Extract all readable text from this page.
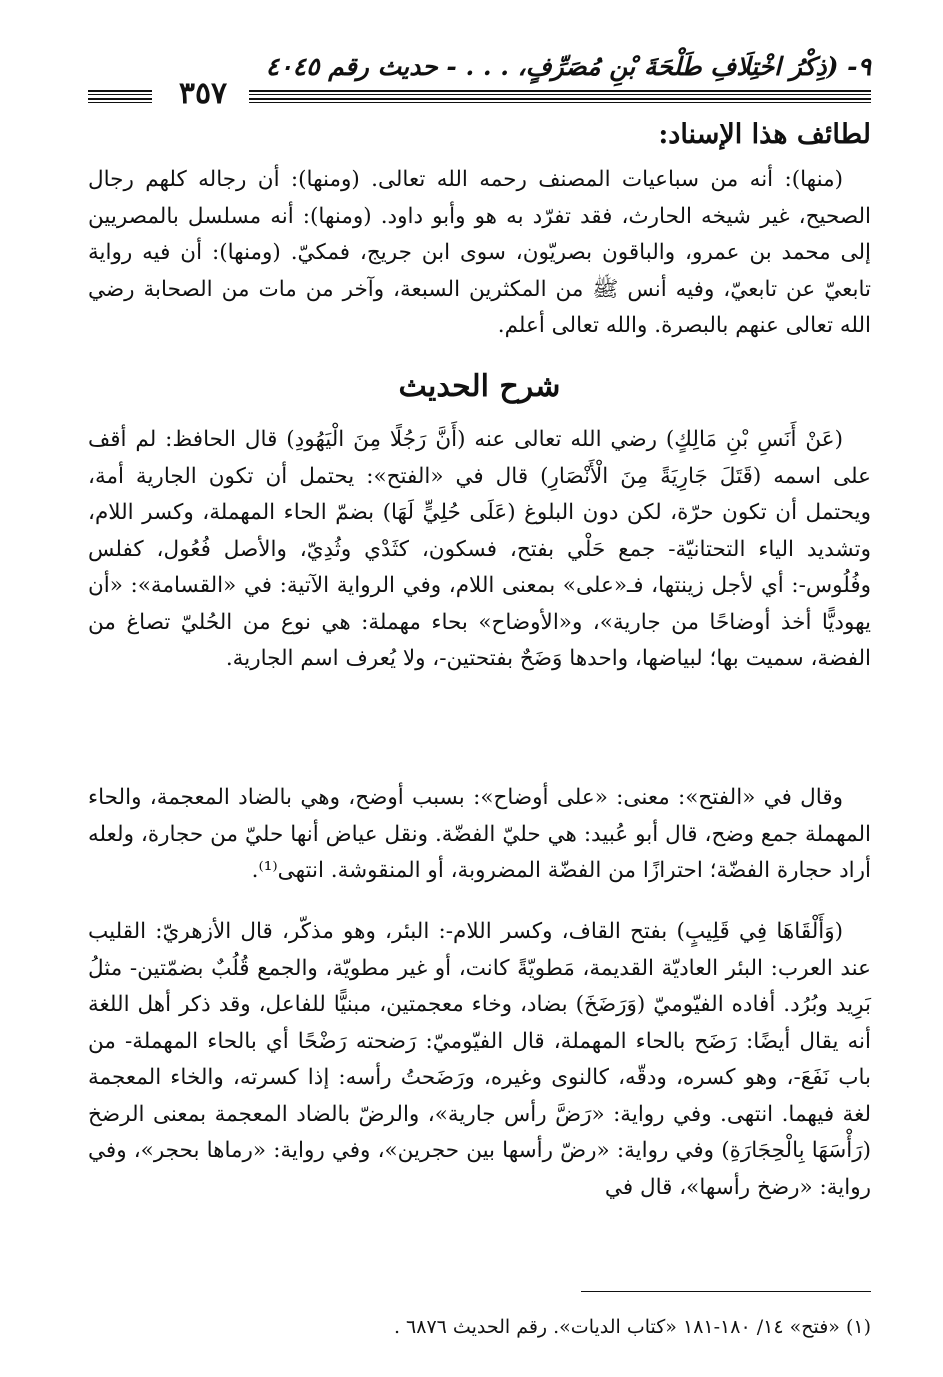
٩- (ذِكْرُ اخْتِلَافِ طَلْحَةَ بْنِ مُصَرِّفٍ، . . . - حديث رقم ٤٠٤٥
٣٥٧
لطائف هذا الإسناد:

(منها): أنه من سباعيات المصنف رحمه الله تعالى. (ومنها): أن رجاله كلهم رجال الصحيح، غير شيخه الحارث، فقد تفرّد به هو وأبو داود. (ومنها): أنه مسلسل بالمصريين إلى محمد بن عمرو، والباقون بصريّون، سوى ابن جريج، فمكيّ. (ومنها): أن فيه رواية تابعيّ عن تابعيّ، وفيه أنس ﷺ من المكثرين السبعة، وآخر من مات من الصحابة رضي الله تعالى عنهم بالبصرة. والله تعالى أعلم.

شرح الحديث

(عَنْ أَنَسِ بْنِ مَالِكٍ) رضي الله تعالى عنه (أَنَّ رَجُلًا مِنَ الْيَهُودِ) قال الحافظ: لم أقف على اسمه (قَتَلَ جَارِيَةً مِنَ الْأَنْصَارِ) قال في «الفتح»: يحتمل أن تكون الجارية أمة، ويحتمل أن تكون حرّة، لكن دون البلوغ (عَلَى حُلِيٍّ لَهَا) بضمّ الحاء المهملة، وكسر اللام، وتشديد الياء التحتانيّة- جمع حَلْي بفتح، فسكون، كثَدْي وثُدِيّ، والأصل فُعُول، كفلس وفُلُوس-: أي لأجل زينتها، فـ«على» بمعنى اللام، وفي الرواية الآتية: في «القسامة»: «أن يهوديًّا أخذ أوضاحًا من جارية»، و«الأوضاح» بحاء مهملة: هي نوع من الحُليّ تصاغ من الفضة، سميت بها؛ لبياضها، واحدها وَضَحٌ بفتحتين-، ولا يُعرف اسم الجارية.

وقال في «الفتح»: معنى: «على أوضاح»: بسبب أوضح، وهي بالضاد المعجمة، والحاء المهملة جمع وضح، قال أبو عُبيد: هي حليّ الفضّة. ونقل عياض أنها حليّ من حجارة، ولعله أراد حجارة الفضّة؛ احترازًا من الفضّة المضروبة، أو المنقوشة. انتهى⁽¹⁾.

(وَأَلْقَاهَا فِي قَلِيبٍ) بفتح القاف، وكسر اللام-: البئر، وهو مذكّر، قال الأزهريّ: القليب عند العرب: البئر العاديّة القديمة، مَطويّةً كانت، أو غير مطويّة، والجمع قُلُبٌ بضمّتين- مثلُ بَرِيد وبُرُد. أفاده الفيّوميّ (وَرَضَخَ) بضاد، وخاء معجمتين، مبنيًّا للفاعل، وقد ذكر أهل اللغة أنه يقال أيضًا: رَضَح بالحاء المهملة، قال الفيّوميّ: رَضحته رَضْحًا أي بالحاء المهملة- من باب نَفَعَ-، وهو كسره، ودقّه، كالنوى وغيره، ورَضَحتُ رأسه: إذا كسرته، والخاء المعجمة لغة فيهما. انتهى. وفي رواية: «رَضَّ رأس جارية»، والرضّ بالضاد المعجمة بمعنى الرضخ (رَأْسَهَا بِالْحِجَارَةِ) وفي رواية: «رضّ رأسها بين حجرين»، وفي رواية: «رماها بحجر»، وفي رواية: «رضخ رأسها»، قال في

(١) «فتح» ١٤/ ١٨٠-١٨١ «كتاب الديات». رقم الحديث ٦٨٧٦ .
